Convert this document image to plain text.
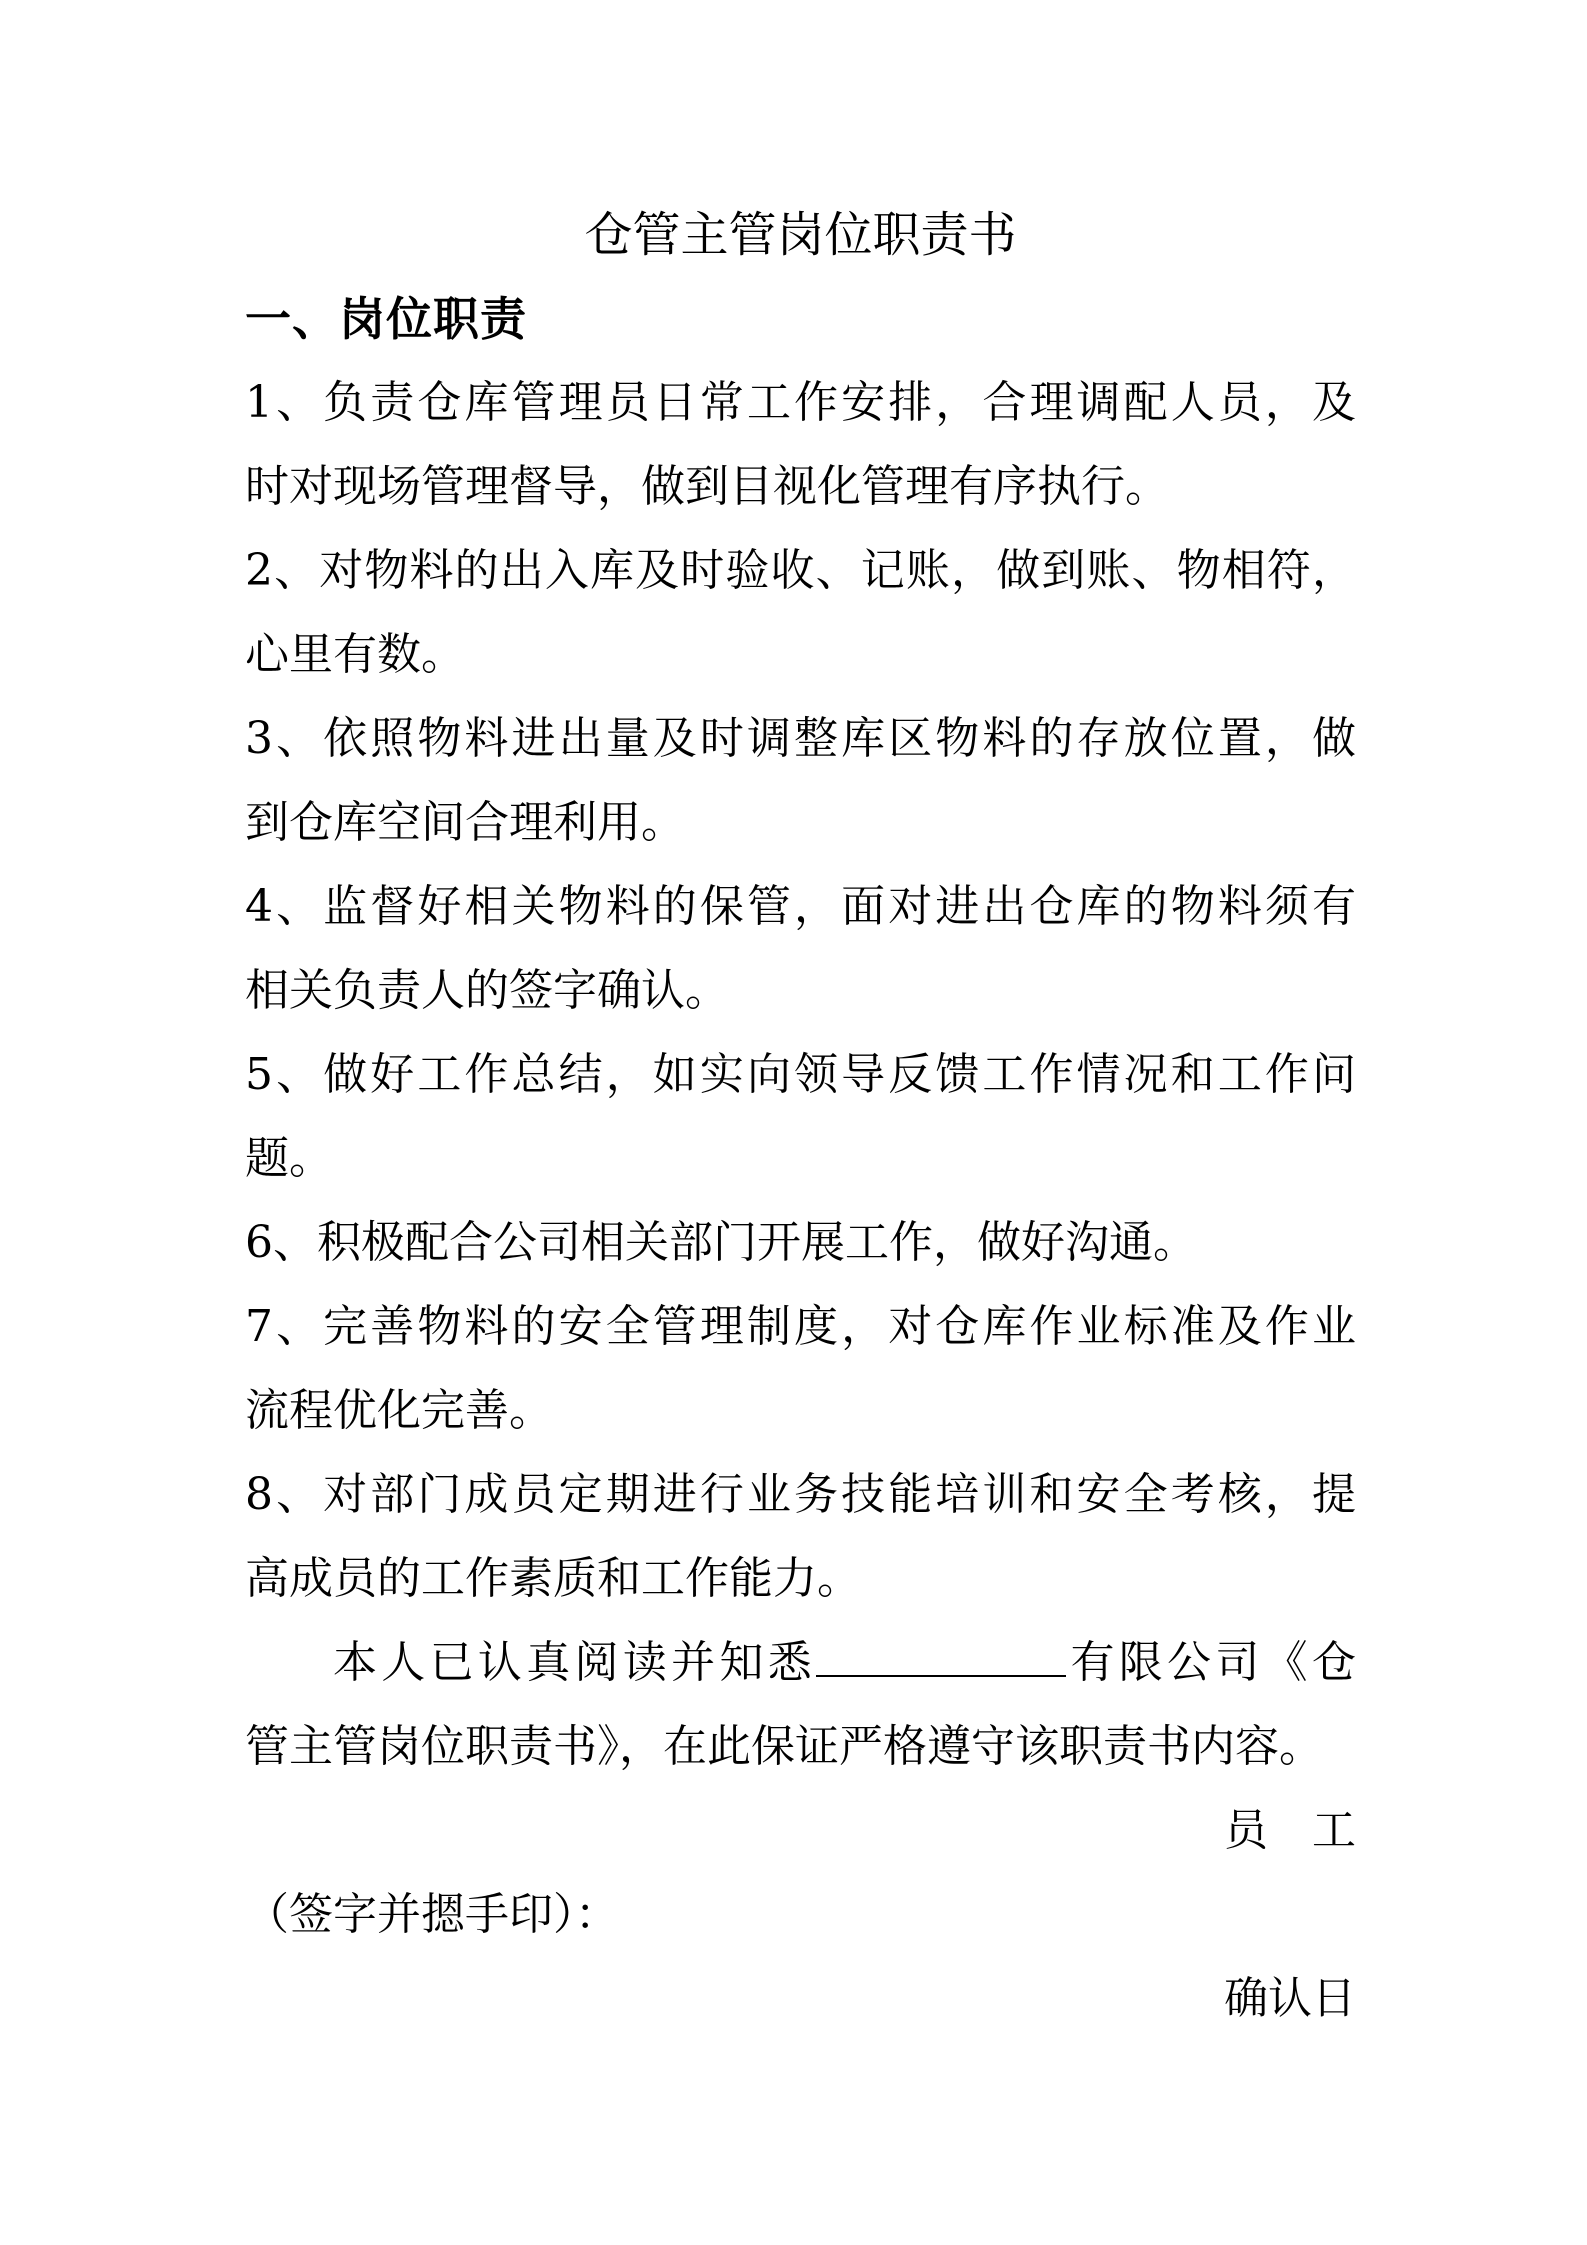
仓管主管岗位职责书
一、岗位职责
1、负责仓库管理员日常工作安排，合理调配人员，及
时对现场管理督导，做到目视化管理有序执行。
2、对物料的出入库及时验收、记账，做到账、物相符，
心里有数。
3、依照物料进出量及时调整库区物料的存放位置，做
到仓库空间合理利用。
4、监督好相关物料的保管，面对进出仓库的物料须有
相关负责人的签字确认。
5、做好工作总结，如实向领导反馈工作情况和工作问
题。
6、积极配合公司相关部门开展工作，做好沟通。
7、完善物料的安全管理制度，对仓库作业标准及作业
流程优化完善。
8、对部门成员定期进行业务技能培训和安全考核，提
高成员的工作素质和工作能力。
本人已认真阅读并知悉	有限公司《仓
管主管岗位职责书》，在此保证严格遵守该职责书内容。
员　工
（签字并摁手印）：
确认日
